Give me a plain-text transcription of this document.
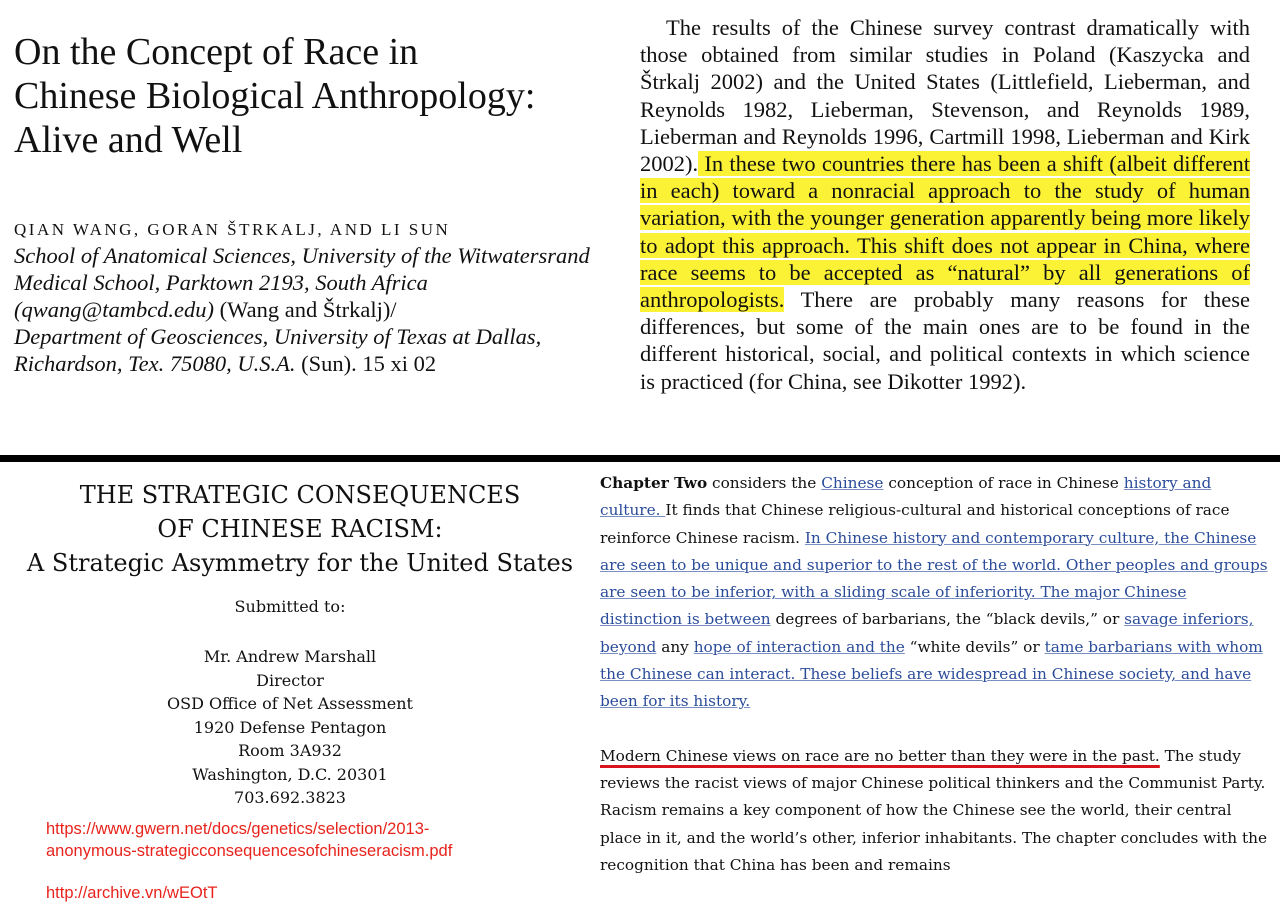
On the Concept of Race in
Chinese Biological Anthropology:
Alive and Well

QIAN WANG, GORAN ŠTRKALJ, AND LI SUN

School of Anatomical Sciences, University of the Witwatersrand Medical School, Parktown 2193, South Africa (qwang@tambcd.edu) (Wang and Štrkalj)/
Department of Geosciences, University of Texas at Dallas, Richardson, Tex. 75080, U.S.A. (Sun). 15 xi 02

The results of the Chinese survey contrast dramatically with those obtained from similar studies in Poland (Kaszycka and Štrkalj 2002) and the United States (Littlefield, Lieberman, and Reynolds 1982, Lieberman, Stevenson, and Reynolds 1989, Lieberman and Reynolds 1996, Cartmill 1998, Lieberman and Kirk 2002). In these two countries there has been a shift (albeit different in each) toward a nonracial approach to the study of human variation, with the younger generation apparently being more likely to adopt this approach. This shift does not appear in China, where race seems to be accepted as “natural” by all generations of anthropologists. There are probably many reasons for these differences, but some of the main ones are to be found in the different historical, social, and political contexts in which science is practiced (for China, see Dikotter 1992).

THE STRATEGIC CONSEQUENCES
OF CHINESE RACISM:
A Strategic Asymmetry for the United States
Submitted to:
Mr. Andrew Marshall
Director
OSD Office of Net Assessment
1920 Defense Pentagon
Room 3A932
Washington, D.C. 20301
703.692.3823
https://www.gwern.net/docs/genetics/selection/2013-
anonymous-strategicconsequencesofchineseracism.pdf
http://archive.vn/wEOtT

Chapter Two considers the Chinese conception of race in Chinese history and culture. It finds that Chinese religious-cultural and historical conceptions of race reinforce Chinese racism. In Chinese history and contemporary culture, the Chinese are seen to be unique and superior to the rest of the world. Other peoples and groups are seen to be inferior, with a sliding scale of inferiority. The major Chinese distinction is between degrees of barbarians, the “black devils,” or savage inferiors, beyond any hope of interaction and the “white devils” or tame barbarians with whom the Chinese can interact. These beliefs are widespread in Chinese society, and have been for its history.

Modern Chinese views on race are no better than they were in the past. The study reviews the racist views of major Chinese political thinkers and the Communist Party. Racism remains a key component of how the Chinese see the world, their central place in it, and the world’s other, inferior inhabitants. The chapter concludes with the recognition that China has been and remains
